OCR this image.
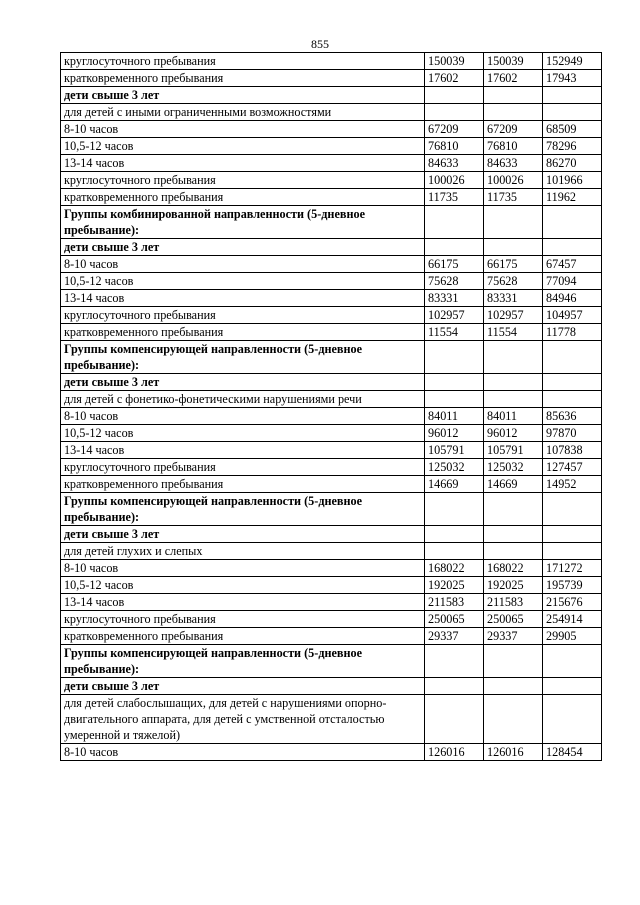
855
круглосуточного пребывания	150039	150039	152949
кратковременного пребывания	17602	17602	17943
дети свыше 3 лет			
для детей с иными ограниченными возможностями			
8-10 часов	67209	67209	68509
10,5-12 часов	76810	76810	78296
13-14 часов	84633	84633	86270
круглосуточного пребывания	100026	100026	101966
кратковременного пребывания	11735	11735	11962
Группы комбинированной направленности (5-дневное пребывание):			
дети свыше 3 лет			
8-10 часов	66175	66175	67457
10,5-12 часов	75628	75628	77094
13-14 часов	83331	83331	84946
круглосуточного пребывания	102957	102957	104957
кратковременного пребывания	11554	11554	11778
Группы компенсирующей направленности (5-дневное пребывание):			
дети свыше 3 лет			
для детей с фонетико-фонетическими нарушениями речи			
8-10 часов	84011	84011	85636
10,5-12 часов	96012	96012	97870
13-14 часов	105791	105791	107838
круглосуточного пребывания	125032	125032	127457
кратковременного пребывания	14669	14669	14952
Группы компенсирующей направленности (5-дневное пребывание):			
дети свыше 3 лет			
для детей глухих и слепых			
8-10 часов	168022	168022	171272
10,5-12 часов	192025	192025	195739
13-14 часов	211583	211583	215676
круглосуточного пребывания	250065	250065	254914
кратковременного пребывания	29337	29337	29905
Группы компенсирующей направленности (5-дневное пребывание):			
дети свыше 3 лет			
для детей слабослышащих, для детей с нарушениями опорно-двигательного аппарата, для детей с умственной отсталостью умеренной и тяжелой)			
8-10 часов	126016	126016	128454
